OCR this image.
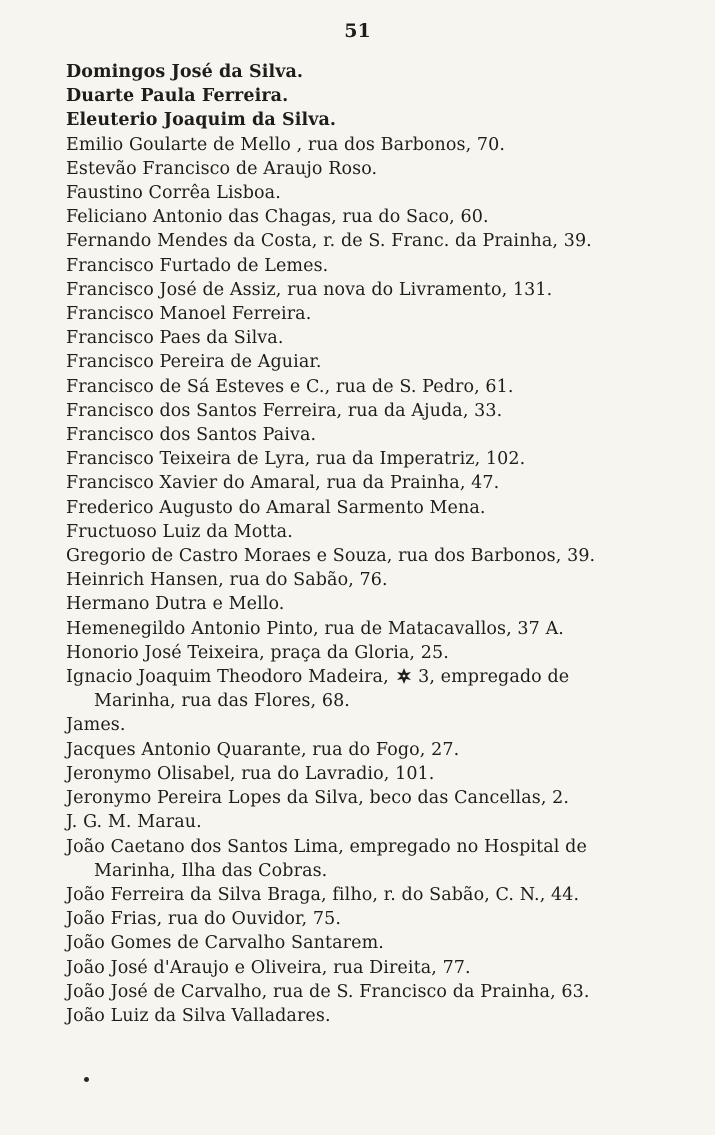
51
Domingos José da Silva.
Duarte Paula Ferreira.
Eleuterio Joaquim da Silva.
Emilio Goularte de Mello , rua dos Barbonos, 70.
Estevão Francisco de Araujo Roso.
Faustino Corrêa Lisboa.
Feliciano Antonio das Chagas, rua do Saco, 60.
Fernando Mendes da Costa, r. de S. Franc. da Prainha, 39.
Francisco Furtado de Lemes.
Francisco José de Assiz, rua nova do Livramento, 131.
Francisco Manoel Ferreira.
Francisco Paes da Silva.
Francisco Pereira de Aguiar.
Francisco de Sá Esteves e C., rua de S. Pedro, 61.
Francisco dos Santos Ferreira, rua da Ajuda, 33.
Francisco dos Santos Paiva.
Francisco Teixeira de Lyra, rua da Imperatriz, 102.
Francisco Xavier do Amaral, rua da Prainha, 47.
Frederico Augusto do Amaral Sarmento Mena.
Fructuoso Luiz da Motta.
Gregorio de Castro Moraes e Souza, rua dos Barbonos, 39.
Heinrich Hansen, rua do Sabão, 76.
Hermano Dutra e Mello.
Hemenegildo Antonio Pinto, rua de Matacavallos, 37 A.
Honorio José Teixeira, praça da Gloria, 25.
Ignacio Joaquim Theodoro Madeira, 3, empregado de
Marinha, rua das Flores, 68.
James.
Jacques Antonio Quarante, rua do Fogo, 27.
Jeronymo Olisabel, rua do Lavradio, 101.
Jeronymo Pereira Lopes da Silva, beco das Cancellas, 2.
J. G. M. Marau.
João Caetano dos Santos Lima, empregado no Hospital de
Marinha, Ilha das Cobras.
João Ferreira da Silva Braga, filho, r. do Sabão, C. N., 44.
João Frias, rua do Ouvidor, 75.
João Gomes de Carvalho Santarem.
João José d'Araujo e Oliveira, rua Direita, 77.
João José de Carvalho, rua de S. Francisco da Prainha, 63.
João Luiz da Silva Valladares.
